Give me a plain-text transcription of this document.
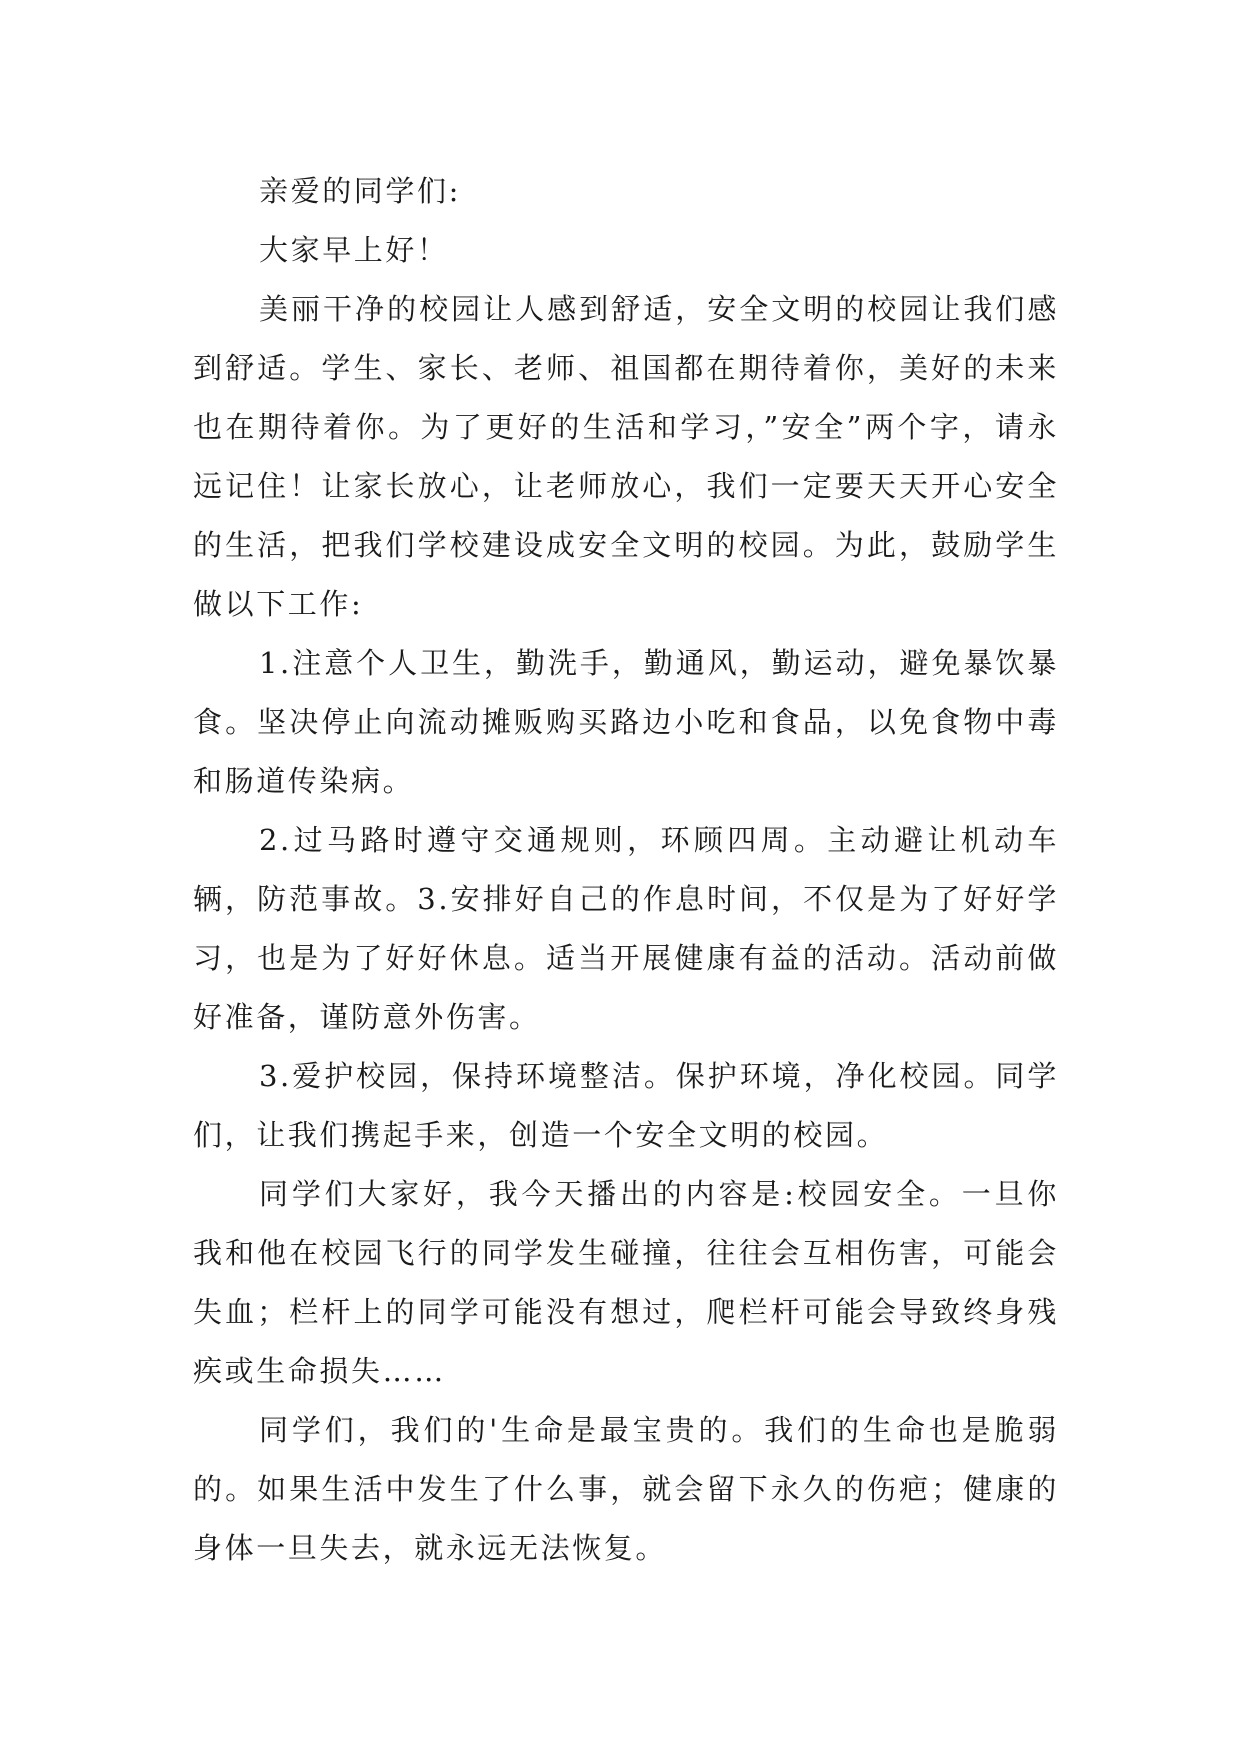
亲爱的同学们:

大家早上好！

美丽干净的校园让人感到舒适，安全文明的校园让我们感到舒适。学生、家长、老师、祖国都在期待着你，美好的未来也在期待着你。为了更好的生活和学习，”安全”两个字，请永远记住！让家长放心，让老师放心，我们一定要天天开心安全的生活，把我们学校建设成安全文明的校园。为此，鼓励学生做以下工作:

1.注意个人卫生，勤洗手，勤通风，勤运动，避免暴饮暴食。坚决停止向流动摊贩购买路边小吃和食品，以免食物中毒和肠道传染病。

2.过马路时遵守交通规则，环顾四周。主动避让机动车辆，防范事故。3.安排好自己的作息时间，不仅是为了好好学习，也是为了好好休息。适当开展健康有益的活动。活动前做好准备，谨防意外伤害。

3.爱护校园，保持环境整洁。保护环境，净化校园。同学们，让我们携起手来，创造一个安全文明的校园。

同学们大家好，我今天播出的内容是:校园安全。一旦你我和他在校园飞行的同学发生碰撞，往往会互相伤害，可能会失血；栏杆上的同学可能没有想过，爬栏杆可能会导致终身残疾或生命损失……

同学们，我们的'生命是最宝贵的。我们的生命也是脆弱的。如果生活中发生了什么事，就会留下永久的伤疤；健康的身体一旦失去，就永远无法恢复。
